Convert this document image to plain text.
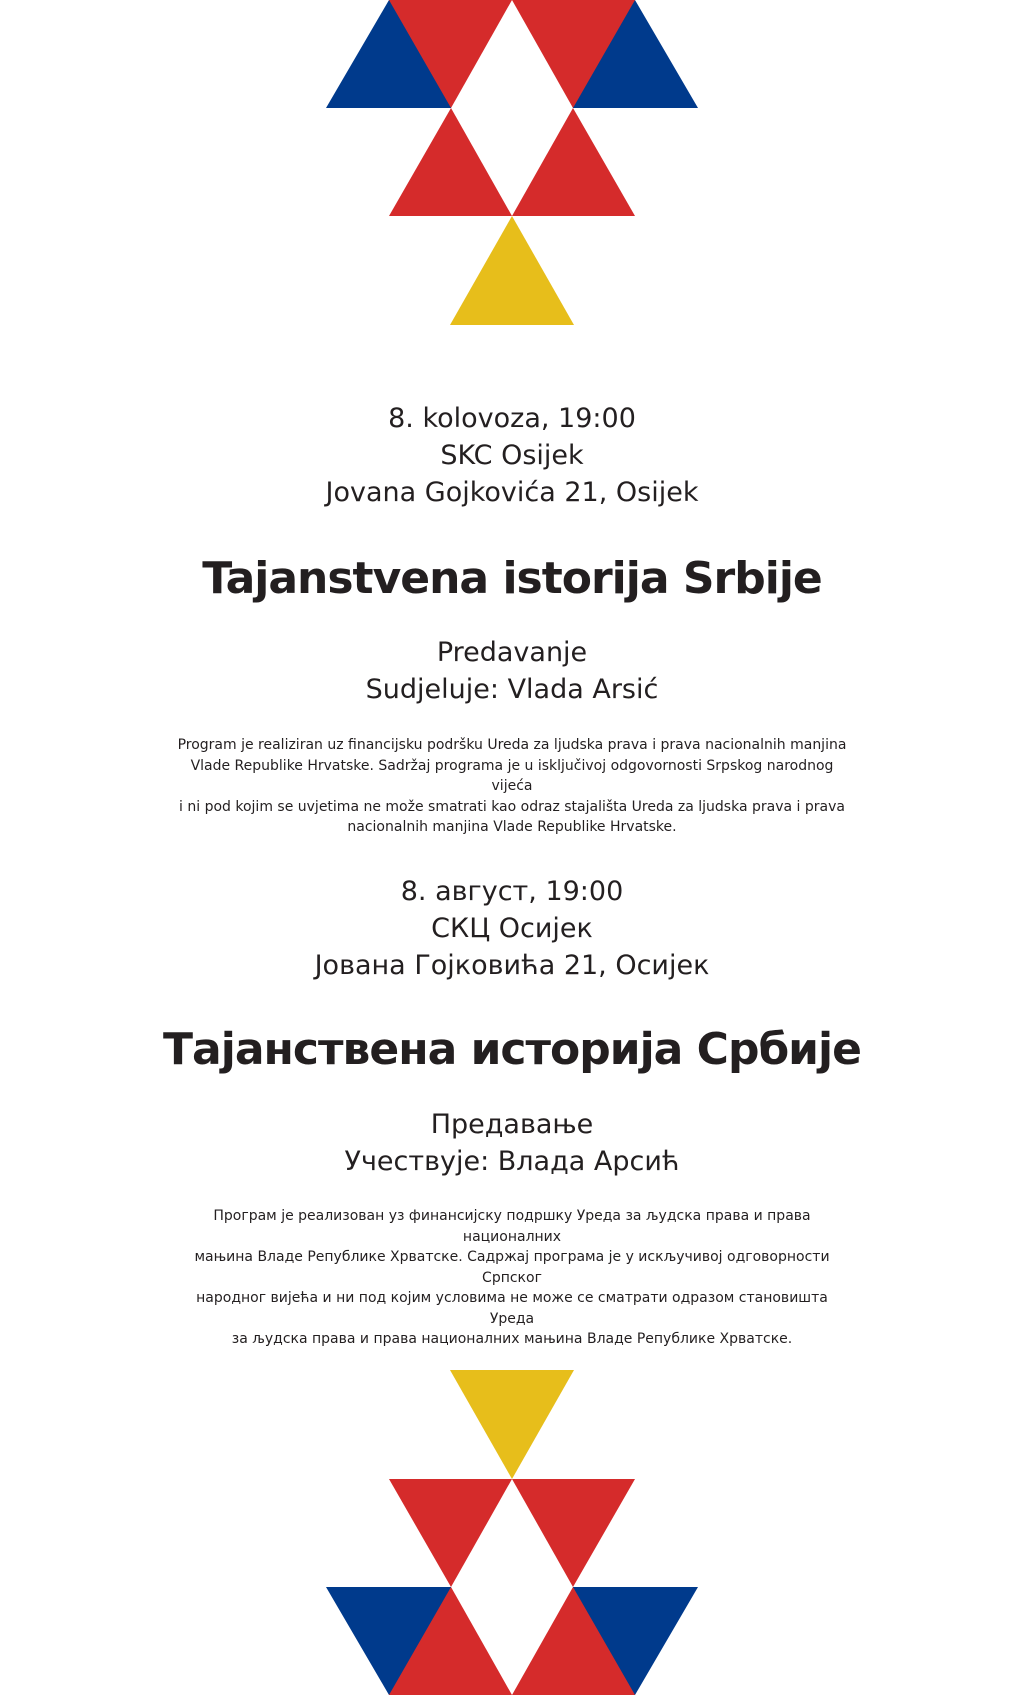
8. kolovoza, 19:00
SKC Osijek
Jovana Gojkovića 21, Osijek
Tajanstvena istorija Srbije
Predavanje
Sudjeluje: Vlada Arsić
Program je realiziran uz financijsku podršku Ureda za ljudska prava i prava nacionalnih manjina
Vlade Republike Hrvatske. Sadržaj programa je u isključivoj odgovornosti Srpskog narodnog vijeća
i ni pod kojim se uvjetima ne može smatrati kao odraz stajališta Ureda za ljudska prava i prava
nacionalnih manjina Vlade Republike Hrvatske.
8. август, 19:00
СКЦ Осијек
Јована Гојковића 21, Осијек
Тајанствена историја Србије
Предавање
Учествује: Влада Арсић
Програм је реализован уз финансијску подршку Уреда за људска права и права националних
мањина Владе Републике Хрватске. Садржај програма је у искључивој одговорности Српског
народног вијећа и ни под којим условима не може се сматрати одразом становишта Уреда
за људска права и права националних мањина Владе Републике Хрватске.
